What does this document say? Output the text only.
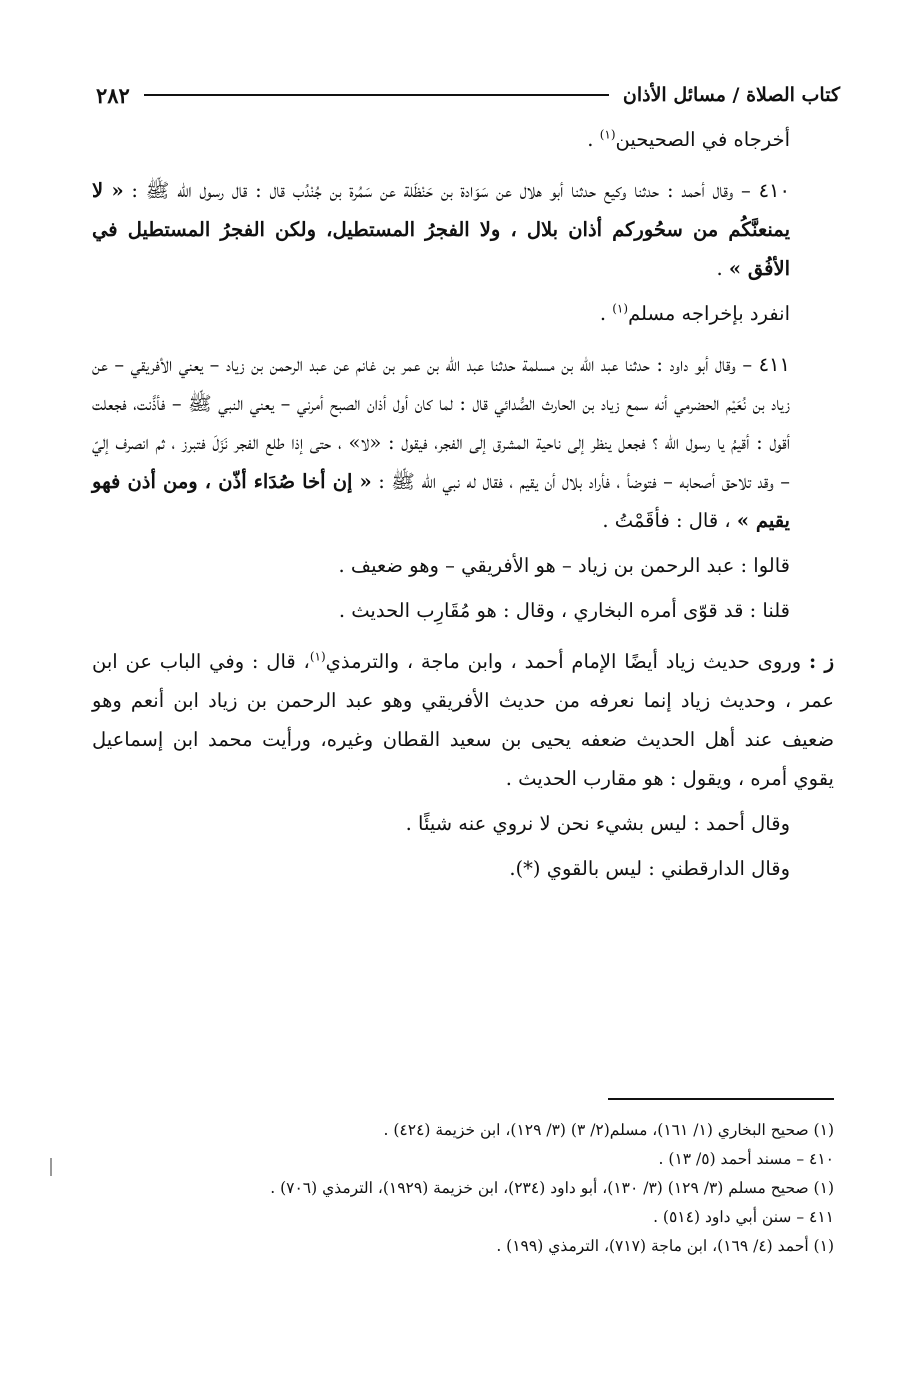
كتاب الصلاة / مسائل الأذان
٢٨٢

أخرجاه في الصحيحين$^{(١)}$ .

٤١٠ – وقال أحمد : حدثنا وكيع حدثنا أبو هلال عن سَوَادة بن حَنْظَلة عن سَمُرة بن جُنْدُب قال : قال رسول الله ﷺ : « لا يمنعنَّكُم من سحُوركم أذان بلال ، ولا الفجرُ المستطيل، ولكن الفجرُ المستطيل في الأفُق » .

انفرد بإخراجه مسلم$^{(١)}$ .

٤١١ – وقال أبو داود : حدثنا عبد الله بن مسلمة حدثنا عبد الله بن عمر بن غانم عن عبد الرحمن بن زياد – يعني الأفريقي – عن زياد بن نُعَيْم الحضرمي أنه سمع زياد بن الحارث الصُّدائي قال : لما كان أول أذان الصبح أمرني – يعني النبي ﷺ – فأذَّنت، فجعلت أقول : أقيمُ يا رسول الله ؟ فجعل ينظر إلى ناحية المشرق إلى الفجر، فيقول : «لا» ، حتى إذا طلع الفجر نَزَلَ فتبرز ، ثم انصرف إليّ – وقد تلاحق أصحابه – فتوضأ ، فأراد بلال أن يقيم ، فقال له نبي الله ﷺ : « إن أخا صُدَاء أذّن ، ومن أذن فهو يقيم » ، قال : فأقَمْتُ .

قالوا : عبد الرحمن بن زياد – هو الأفريقي – وهو ضعيف .

قلنا : قد قوّى أمره البخاري ، وقال : هو مُقَارِب الحديث .

ز : وروى حديث زياد أيضًا الإمام أحمد ، وابن ماجة ، والترمذي$^{(١)}$، قال : وفي الباب عن ابن عمر ، وحديث زياد إنما نعرفه من حديث الأفريقي وهو عبد الرحمن بن زياد ابن أنعم وهو ضعيف عند أهل الحديث ضعفه يحيى بن سعيد القطان وغيره، ورأيت محمد ابن إسماعيل يقوي أمره ، ويقول : هو مقارب الحديث .

وقال أحمد : ليس بشيء نحن لا نروي عنه شيئًا .

وقال الدارقطني : ليس بالقوي (*).

(١) صحيح البخاري (١/ ١٦١)، مسلم(٢/ ٣) (٣/ ١٢٩)، ابن خزيمة (٤٢٤) .

٤١٠ – مسند أحمد (٥/ ١٣) .

(١) صحيح مسلم (٣/ ١٢٩) (٣/ ١٣٠)، أبو داود (٢٣٤)، ابن خزيمة (١٩٢٩)، الترمذي (٧٠٦) .

٤١١ – سنن أبي داود (٥١٤) .

(١) أحمد (٤/ ١٦٩)، ابن ماجة (٧١٧)، الترمذي (١٩٩) .
